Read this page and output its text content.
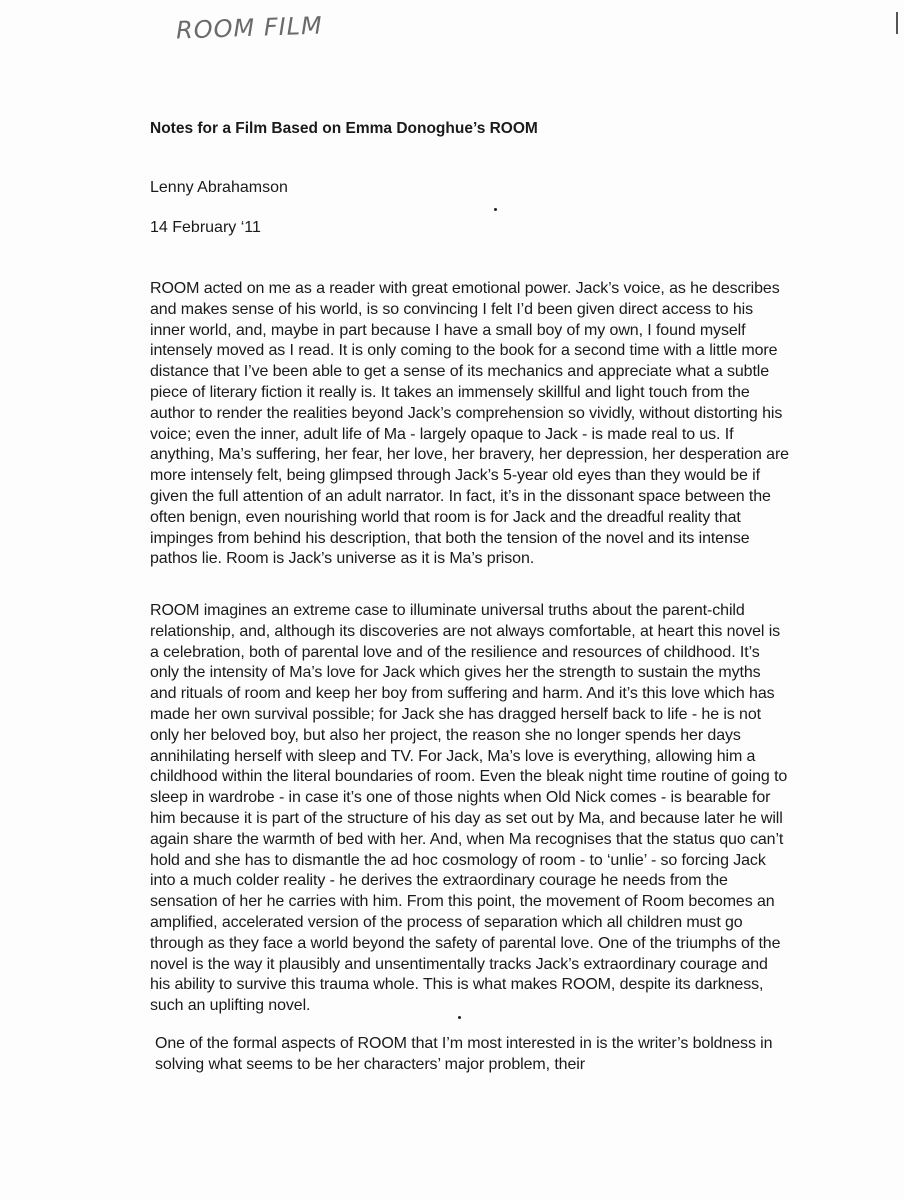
ROOM FILM
Notes for a Film Based on Emma Donoghue’s ROOM

Lenny Abrahamson

14 February ‘11

ROOM acted on me as a reader with great emotional power. Jack’s voice, as he describes and makes sense of his world, is so convincing I felt I’d been given direct access to his inner world, and, maybe in part because I have a small boy of my own, I found myself intensely moved as I read. It is only coming to the book for a second time with a little more distance that I’ve been able to get a sense of its mechanics and appreciate what a subtle piece of literary fiction it really is. It takes an immensely skillful and light touch from the author to render the realities beyond Jack’s comprehension so vividly, without distorting his voice; even the inner, adult life of Ma - largely opaque to Jack - is made real to us. If anything, Ma’s suffering, her fear, her love, her bravery, her depression, her desperation are more intensely felt, being glimpsed through Jack’s 5-year old eyes than they would be if given the full attention of an adult narrator. In fact, it’s in the dissonant space between the often benign, even nourishing world that room is for Jack and the dreadful reality that impinges from behind his description, that both the tension of the novel and its intense pathos lie. Room is Jack’s universe as it is Ma’s prison.

ROOM imagines an extreme case to illuminate universal truths about the parent-child relationship, and, although its discoveries are not always comfortable, at heart this novel is a celebration, both of parental love and of the resilience and resources of childhood. It’s only the intensity of Ma’s love for Jack which gives her the strength to sustain the myths and rituals of room and keep her boy from suffering and harm. And it’s this love which has made her own survival possible; for Jack she has dragged herself back to life - he is not only her beloved boy, but also her project, the reason she no longer spends her days annihilating herself with sleep and TV. For Jack, Ma’s love is everything, allowing him a childhood within the literal boundaries of room. Even the bleak night time routine of going to sleep in wardrobe - in case it’s one of those nights when Old Nick comes - is bearable for him because it is part of the structure of his day as set out by Ma, and because later he will again share the warmth of bed with her. And, when Ma recognises that the status quo can’t hold and she has to dismantle the ad hoc cosmology of room - to ‘unlie’ - so forcing Jack into a much colder reality - he derives the extraordinary courage he needs from the sensation of her he carries with him. From this point, the movement of Room becomes an amplified, accelerated version of the process of separation which all children must go through as they face a world beyond the safety of parental love. One of the triumphs of the novel is the way it plausibly and unsentimentally tracks Jack’s extraordinary courage and his ability to survive this trauma whole. This is what makes ROOM, despite its darkness, such an uplifting novel.

One of the formal aspects of ROOM that I’m most interested in is the writer’s boldness in solving what seems to be her characters’ major problem, their
